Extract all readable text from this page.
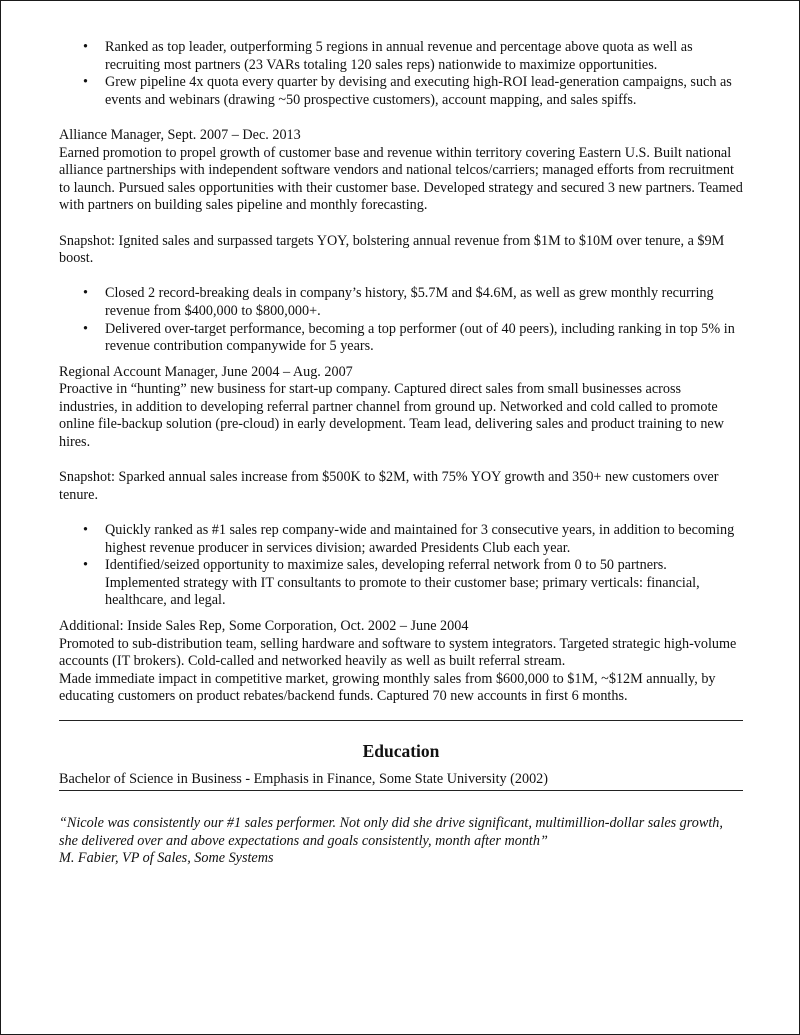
• Ranked as top leader, outperforming 5 regions in annual revenue and percentage above quota as well as recruiting most partners (23 VARs totaling 120 sales reps) nationwide to maximize opportunities.
• Grew pipeline 4x quota every quarter by devising and executing high-ROI lead-generation campaigns, such as events and webinars (drawing ~50 prospective customers), account mapping, and sales spiffs.

Alliance Manager, Sept. 2007 – Dec. 2013

Earned promotion to propel growth of customer base and revenue within territory covering Eastern U.S. Built national alliance partnerships with independent software vendors and national telcos/carriers; managed efforts from recruitment to launch. Pursued sales opportunities with their customer base. Developed strategy and secured 3 new partners. Teamed with partners on building sales pipeline and monthly forecasting.

Snapshot: Ignited sales and surpassed targets YOY, bolstering annual revenue from $1M to $10M over tenure, a $9M boost.

• Closed 2 record-breaking deals in company’s history, $5.7M and $4.6M, as well as grew monthly recurring revenue from $400,000 to $800,000+.
• Delivered over-target performance, becoming a top performer (out of 40 peers), including ranking in top 5% in revenue contribution companywide for 5 years.

Regional Account Manager, June 2004 – Aug. 2007

Proactive in “hunting” new business for start-up company. Captured direct sales from small businesses across industries, in addition to developing referral partner channel from ground up. Networked and cold called to promote online file-backup solution (pre-cloud) in early development. Team lead, delivering sales and product training to new hires.

Snapshot: Sparked annual sales increase from $500K to $2M, with 75% YOY growth and 350+ new customers over tenure.

• Quickly ranked as #1 sales rep company-wide and maintained for 3 consecutive years, in addition to becoming highest revenue producer in services division; awarded Presidents Club each year.
• Identified/seized opportunity to maximize sales, developing referral network from 0 to 50 partners. Implemented strategy with IT consultants to promote to their customer base; primary verticals: financial, healthcare, and legal.

Additional: Inside Sales Rep, Some Corporation, Oct. 2002 – June 2004

Promoted to sub-distribution team, selling hardware and software to system integrators. Targeted strategic high-volume accounts (IT brokers). Cold-called and networked heavily as well as built referral stream.

Made immediate impact in competitive market, growing monthly sales from $600,000 to $1M, ~$12M annually, by educating customers on product rebates/backend funds. Captured 70 new accounts in first 6 months.

Education

Bachelor of Science in Business - Emphasis in Finance, Some State University (2002)

“Nicole was consistently our #1 sales performer. Not only did she drive significant, multimillion-dollar sales growth, she delivered over and above expectations and goals consistently, month after month”

M. Fabier, VP of Sales, Some Systems
